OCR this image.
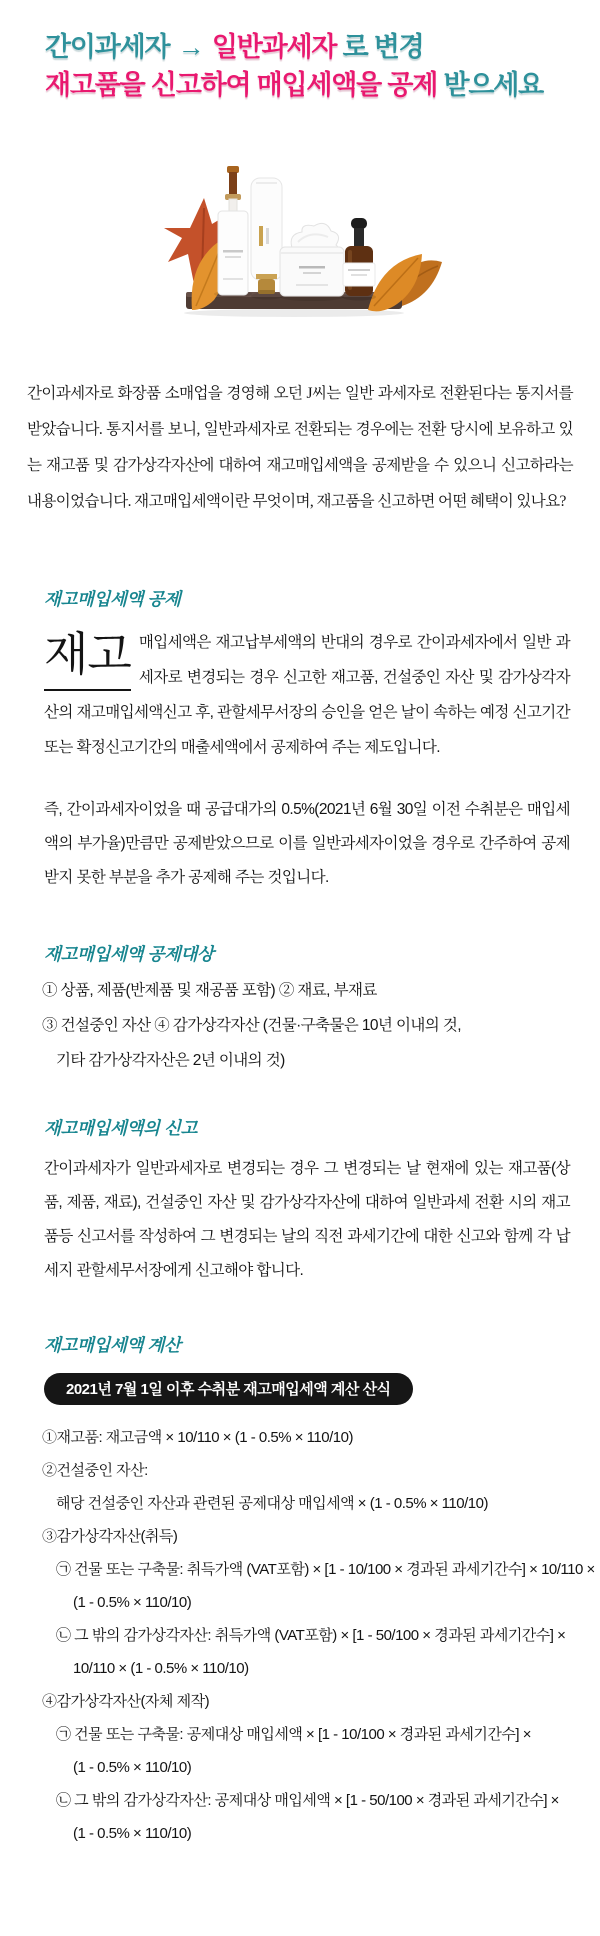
간이과세자 → 일반과세자 로 변경
재고품을 신고하여 매입세액을 공제 받으세요
간이과세자로 화장품 소매업을 경영해 오던 J씨는 일반 과세자로 전환된다는 통지서를 받았습니다. 통지서를 보니, 일반과세자로 전환되는 경우에는 전환 당시에 보유하고 있는 재고품 및 감가상각자산에 대하여 재고매입세액을 공제받을 수 있으니 신고하라는 내용이었습니다. 재고매입세액이란 무엇이며, 재고품을 신고하면 어떤 혜택이 있나요?
재고매입세액 공제
재고 매입세액은 재고납부세액의 반대의 경우로 간이과세자에서 일반 과세자로 변경되는 경우 신고한 재고품, 건설중인 자산 및 감가상각자산의 재고매입세액신고 후, 관할세무서장의 승인을 얻은 날이 속하는 예정 신고기간 또는 확정신고기간의 매출세액에서 공제하여 주는 제도입니다.
즉, 간이과세자이었을 때 공급대가의 0.5%(2021년 6월 30일 이전 수취분은 매입세액의 부가율)만큼만 공제받았으므로 이를 일반과세자이었을 경우로 간주하여 공제받지 못한 부분을 추가 공제해 주는 것입니다.
재고매입세액 공제대상
① 상품, 제품(반제품 및 재공품 포함) ② 재료, 부재료
③ 건설중인 자산 ④ 감가상각자산 (건물·구축물은 10년 이내의 것,
기타 감가상각자산은 2년 이내의 것)
재고매입세액의 신고
간이과세자가 일반과세자로 변경되는 경우 그 변경되는 날 현재에 있는 재고품(상품, 제품, 재료), 건설중인 자산 및 감가상각자산에 대하여 일반과세 전환 시의 재고품등 신고서를 작성하여 그 변경되는 날의 직전 과세기간에 대한 신고와 함께 각 납세지 관할세무서장에게 신고해야 합니다.
재고매입세액 계산
2021년 7월 1일 이후 수취분 재고매입세액 계산 산식
①재고품: 재고금액 × 10/110 × (1 - 0.5% × 110/10)
②건설중인 자산:
해당 건설중인 자산과 관련된 공제대상 매입세액 × (1 - 0.5% × 110/10)
③감가상각자산(취득)
㉠ 건물 또는 구축물: 취득가액 (VAT포함) × [1 - 10/100 × 경과된 과세기간수] × 10/110 ×
(1 - 0.5% × 110/10)
㉡ 그 밖의 감가상각자산: 취득가액 (VAT포함) × [1 - 50/100 × 경과된 과세기간수] ×
10/110 × (1 - 0.5% × 110/10)
④감가상각자산(자체 제작)
㉠ 건물 또는 구축물: 공제대상 매입세액 × [1 - 10/100 × 경과된 과세기간수] ×
(1 - 0.5% × 110/10)
㉡ 그 밖의 감가상각자산: 공제대상 매입세액 × [1 - 50/100 × 경과된 과세기간수] ×
(1 - 0.5% × 110/10)
